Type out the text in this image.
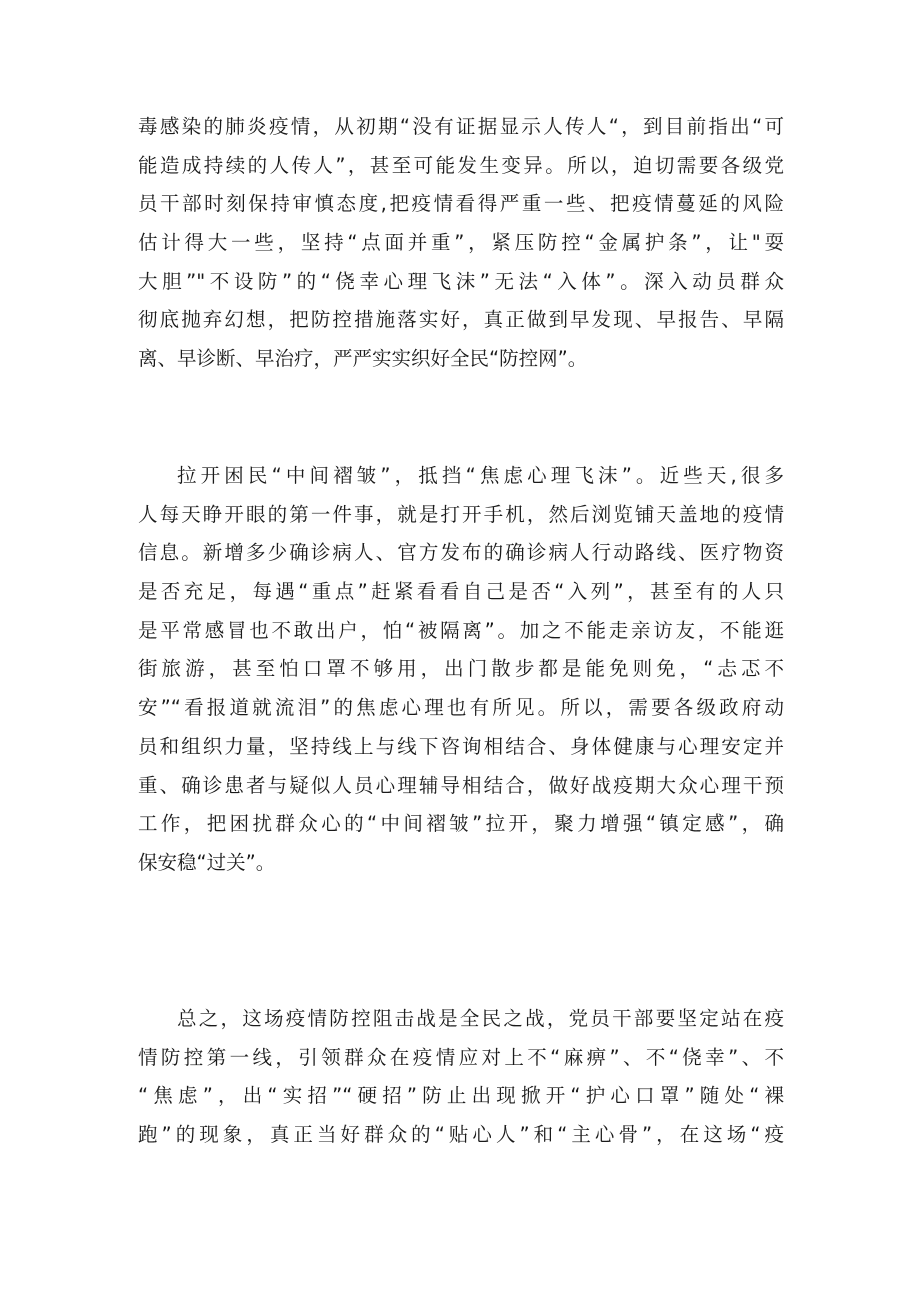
毒感染的肺炎疫情，从初期“没有证据显示人传人“，到目前指出“可
能造成持续的人传人”，甚至可能发生变异。所以，迫切需要各级党
员干部时刻保持审慎态度,把疫情看得严重一些、把疫情蔓延的风险
估计得大一些，坚持“点面并重”，紧压防控“金属护条”，让"耍
大胆”"不设防”的“侥幸心理飞沫”无法“入体”。深入动员群众
彻底抛弃幻想，把防控措施落实好，真正做到早发现、早报告、早隔
离、早诊断、早治疗，严严实实织好全民“防控网”。
拉开困民“中间褶皱”，抵挡“焦虑心理飞沫”。近些天,很多
人每天睁开眼的第一件事，就是打开手机，然后浏览铺天盖地的疫情
信息。新增多少确诊病人、官方发布的确诊病人行动路线、医疗物资
是否充足，每遇“重点”赶紧看看自己是否“入列”，甚至有的人只
是平常感冒也不敢出户，怕“被隔离”。加之不能走亲访友，不能逛
街旅游，甚至怕口罩不够用，出门散步都是能免则免，“忐忑不
安”“看报道就流泪”的焦虑心理也有所见。所以，需要各级政府动
员和组织力量，坚持线上与线下咨询相结合、身体健康与心理安定并
重、确诊患者与疑似人员心理辅导相结合，做好战疫期大众心理干预
工作，把困扰群众心的“中间褶皱”拉开，聚力增强“镇定感”，确
保安稳“过关”。
总之，这场疫情防控阻击战是全民之战，党员干部要坚定站在疫
情防控第一线，引领群众在疫情应对上不“麻痹”、不“侥幸”、不
“焦虑”，出“实招”“硬招”防止出现掀开“护心口罩”随处“裸
跑”的现象，真正当好群众的“贴心人”和“主心骨”，在这场“疫
